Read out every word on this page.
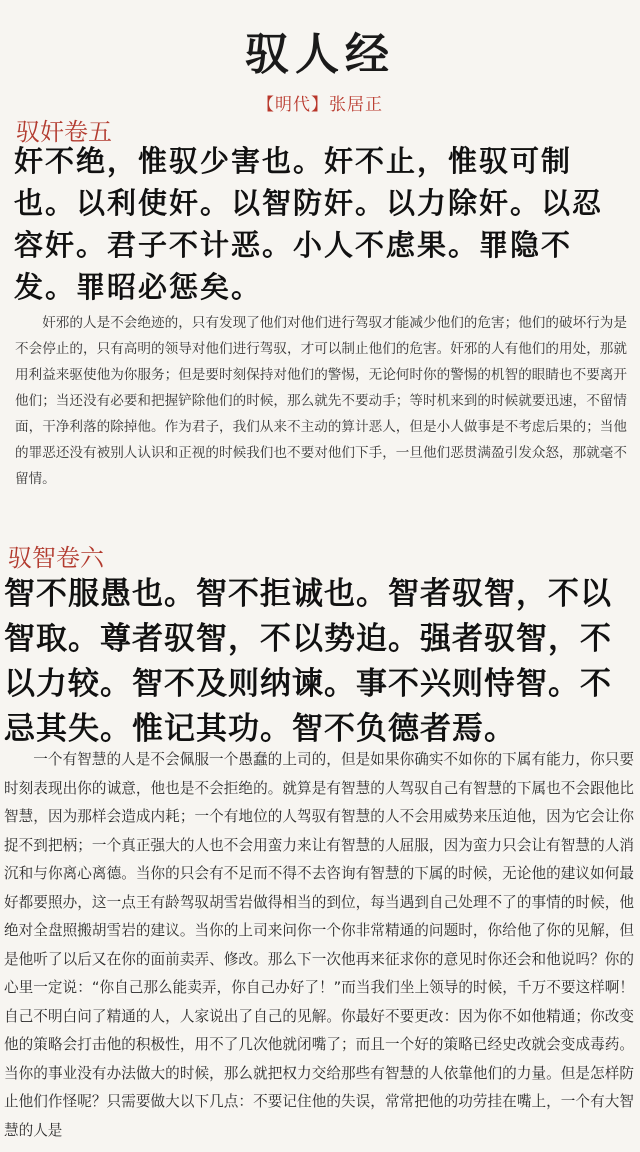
驭人经
【明代】张居正
驭奸卷五
奸不绝，惟驭少害也。奸不止，惟驭可制也。以利使奸。以智防奸。以力除奸。以忍容奸。君子不计恶。小人不虑果。罪隐不发。罪昭必惩矣。
奸邪的人是不会绝迹的，只有发现了他们对他们进行驾驭才能减少他们的危害；他们的破坏行为是不会停止的，只有高明的领导对他们进行驾驭，才可以制止他们的危害。奸邪的人有他们的用处，那就用利益来驱使他为你服务；但是要时刻保持对他们的警惕，无论何时你的警惕的机智的眼睛也不要离开他们；当还没有必要和把握铲除他们的时候，那么就先不要动手；等时机来到的时候就要迅速，不留情面，干净利落的除掉他。作为君子，我们从来不主动的算计恶人，但是小人做事是不考虑后果的；当他的罪恶还没有被别人认识和正视的时候我们也不要对他们下手，一旦他们恶贯满盈引发众怒，那就毫不留情。
驭智卷六
智不服愚也。智不拒诚也。智者驭智，不以智取。尊者驭智，不以势迫。强者驭智，不以力较。智不及则纳谏。事不兴则恃智。不忌其失。惟记其功。智不负德者焉。
一个有智慧的人是不会佩服一个愚蠢的上司的，但是如果你确实不如你的下属有能力，你只要时刻表现出你的诚意，他也是不会拒绝的。就算是有智慧的人驾驭自己有智慧的下属也不会跟他比智慧，因为那样会造成内耗；一个有地位的人驾驭有智慧的人不会用威势来压迫他，因为它会让你捉不到把柄；一个真正强大的人也不会用蛮力来让有智慧的人屈服，因为蛮力只会让有智慧的人消沉和与你离心离德。当你的只会有不足而不得不去咨询有智慧的下属的时候，无论他的建议如何最好都要照办，这一点王有龄驾驭胡雪岩做得相当的到位，每当遇到自己处理不了的事情的时候，他绝对全盘照搬胡雪岩的建议。当你的上司来问你一个你非常精通的问题时，你给他了你的见解，但是他听了以后又在你的面前卖弄、修改。那么下一次他再来征求你的意见时你还会和他说吗？你的心里一定说：“你自己那么能卖弄，你自己办好了！”而当我们坐上领导的时候，千万不要这样啊！自己不明白问了精通的人，人家说出了自己的见解。你最好不要更改：因为你不如他精通；你改变他的策略会打击他的积极性，用不了几次他就闭嘴了；而且一个好的策略已经史改就会变成毒药。当你的事业没有办法做大的时候，那么就把权力交给那些有智慧的人依靠他们的力量。但是怎样防止他们作怪呢？只需要做大以下几点：不要记住他的失误，常常把他的功劳挂在嘴上，一个有大智慧的人是
